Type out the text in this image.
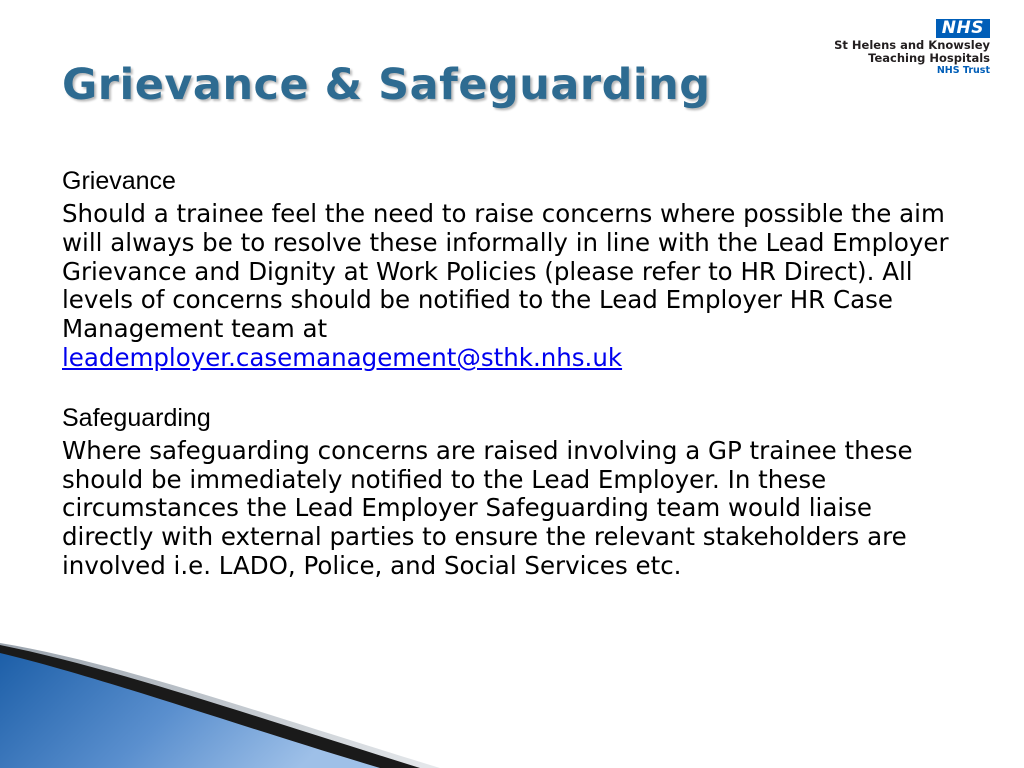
Grievance & Safeguarding
NHS
St Helens and Knowsley
Teaching Hospitals
NHS Trust
Grievance

Should a trainee feel the need to raise concerns where possible the aim will always be to resolve these informally in line with the Lead Employer Grievance and Dignity at Work Policies (please refer to HR Direct). All levels of concerns should be notified to the Lead Employer HR Case Management team at
leademployer.casemanagement@sthk.nhs.uk

Safeguarding

Where safeguarding concerns are raised involving a GP trainee these should be immediately notified to the Lead Employer. In these circumstances the Lead Employer Safeguarding team would liaise directly with external parties to ensure the relevant stakeholders are involved i.e. LADO, Police, and Social Services etc.
